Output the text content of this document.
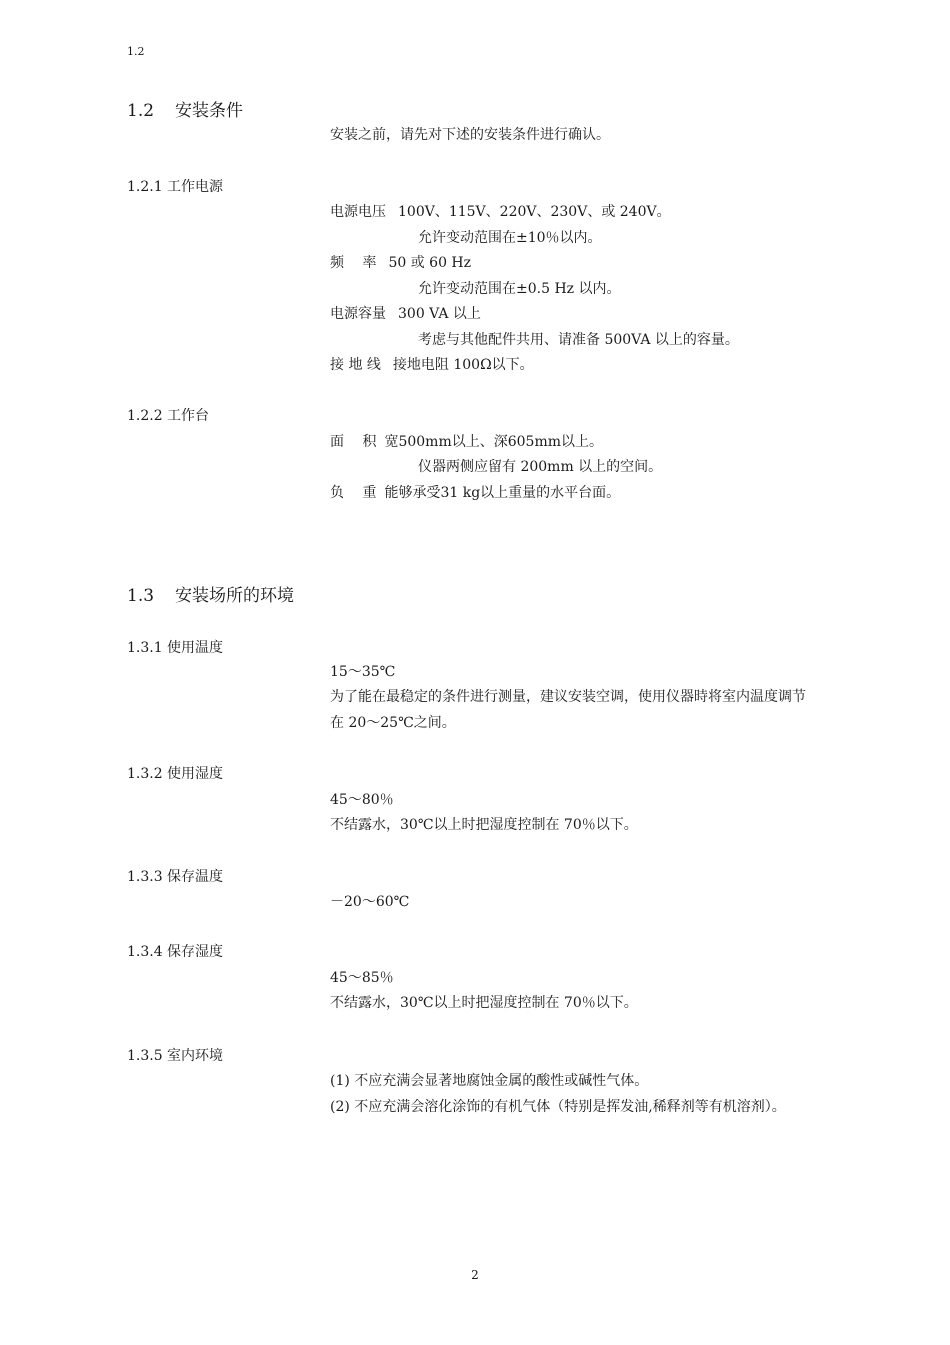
1.2
1.2 安装条件
安装之前，请先对下述的安装条件进行确认。
1.2.1 工作电源
电源电压 100V、115V、220V、230V、或 240V。
允许变动范围在±10％以内。
频　 率 50 或 60 Hz
允许变动范围在±0.5 Hz 以内。
电源容量 300 VA 以上
考虑与其他配件共用、请准备 500VA 以上的容量。
接 地 线 接地电阻 100Ω以下。
1.2.2 工作台
面　 积 宽500mm以上、深605mm以上。
仪器两侧应留有 200mm 以上的空间。
负　 重 能够承受31 kg以上重量的水平台面。
1.3 安装场所的环境
1.3.1 使用温度
15～35℃
为了能在最稳定的条件进行测量，建议安装空调，使用仪器時将室内温度调节
在 20～25℃之间。
1.3.2 使用湿度
45～80％
不结露水，30℃以上时把湿度控制在 70％以下。
1.3.3 保存温度
－20～60℃
1.3.4 保存湿度
45～85％
不结露水，30℃以上时把湿度控制在 70％以下。
1.3.5 室内环境
(1) 不应充满会显著地腐蚀金属的酸性或碱性气体。
(2) 不应充满会溶化涂饰的有机气体（特别是挥发油,稀释剂等有机溶剂）。
2
